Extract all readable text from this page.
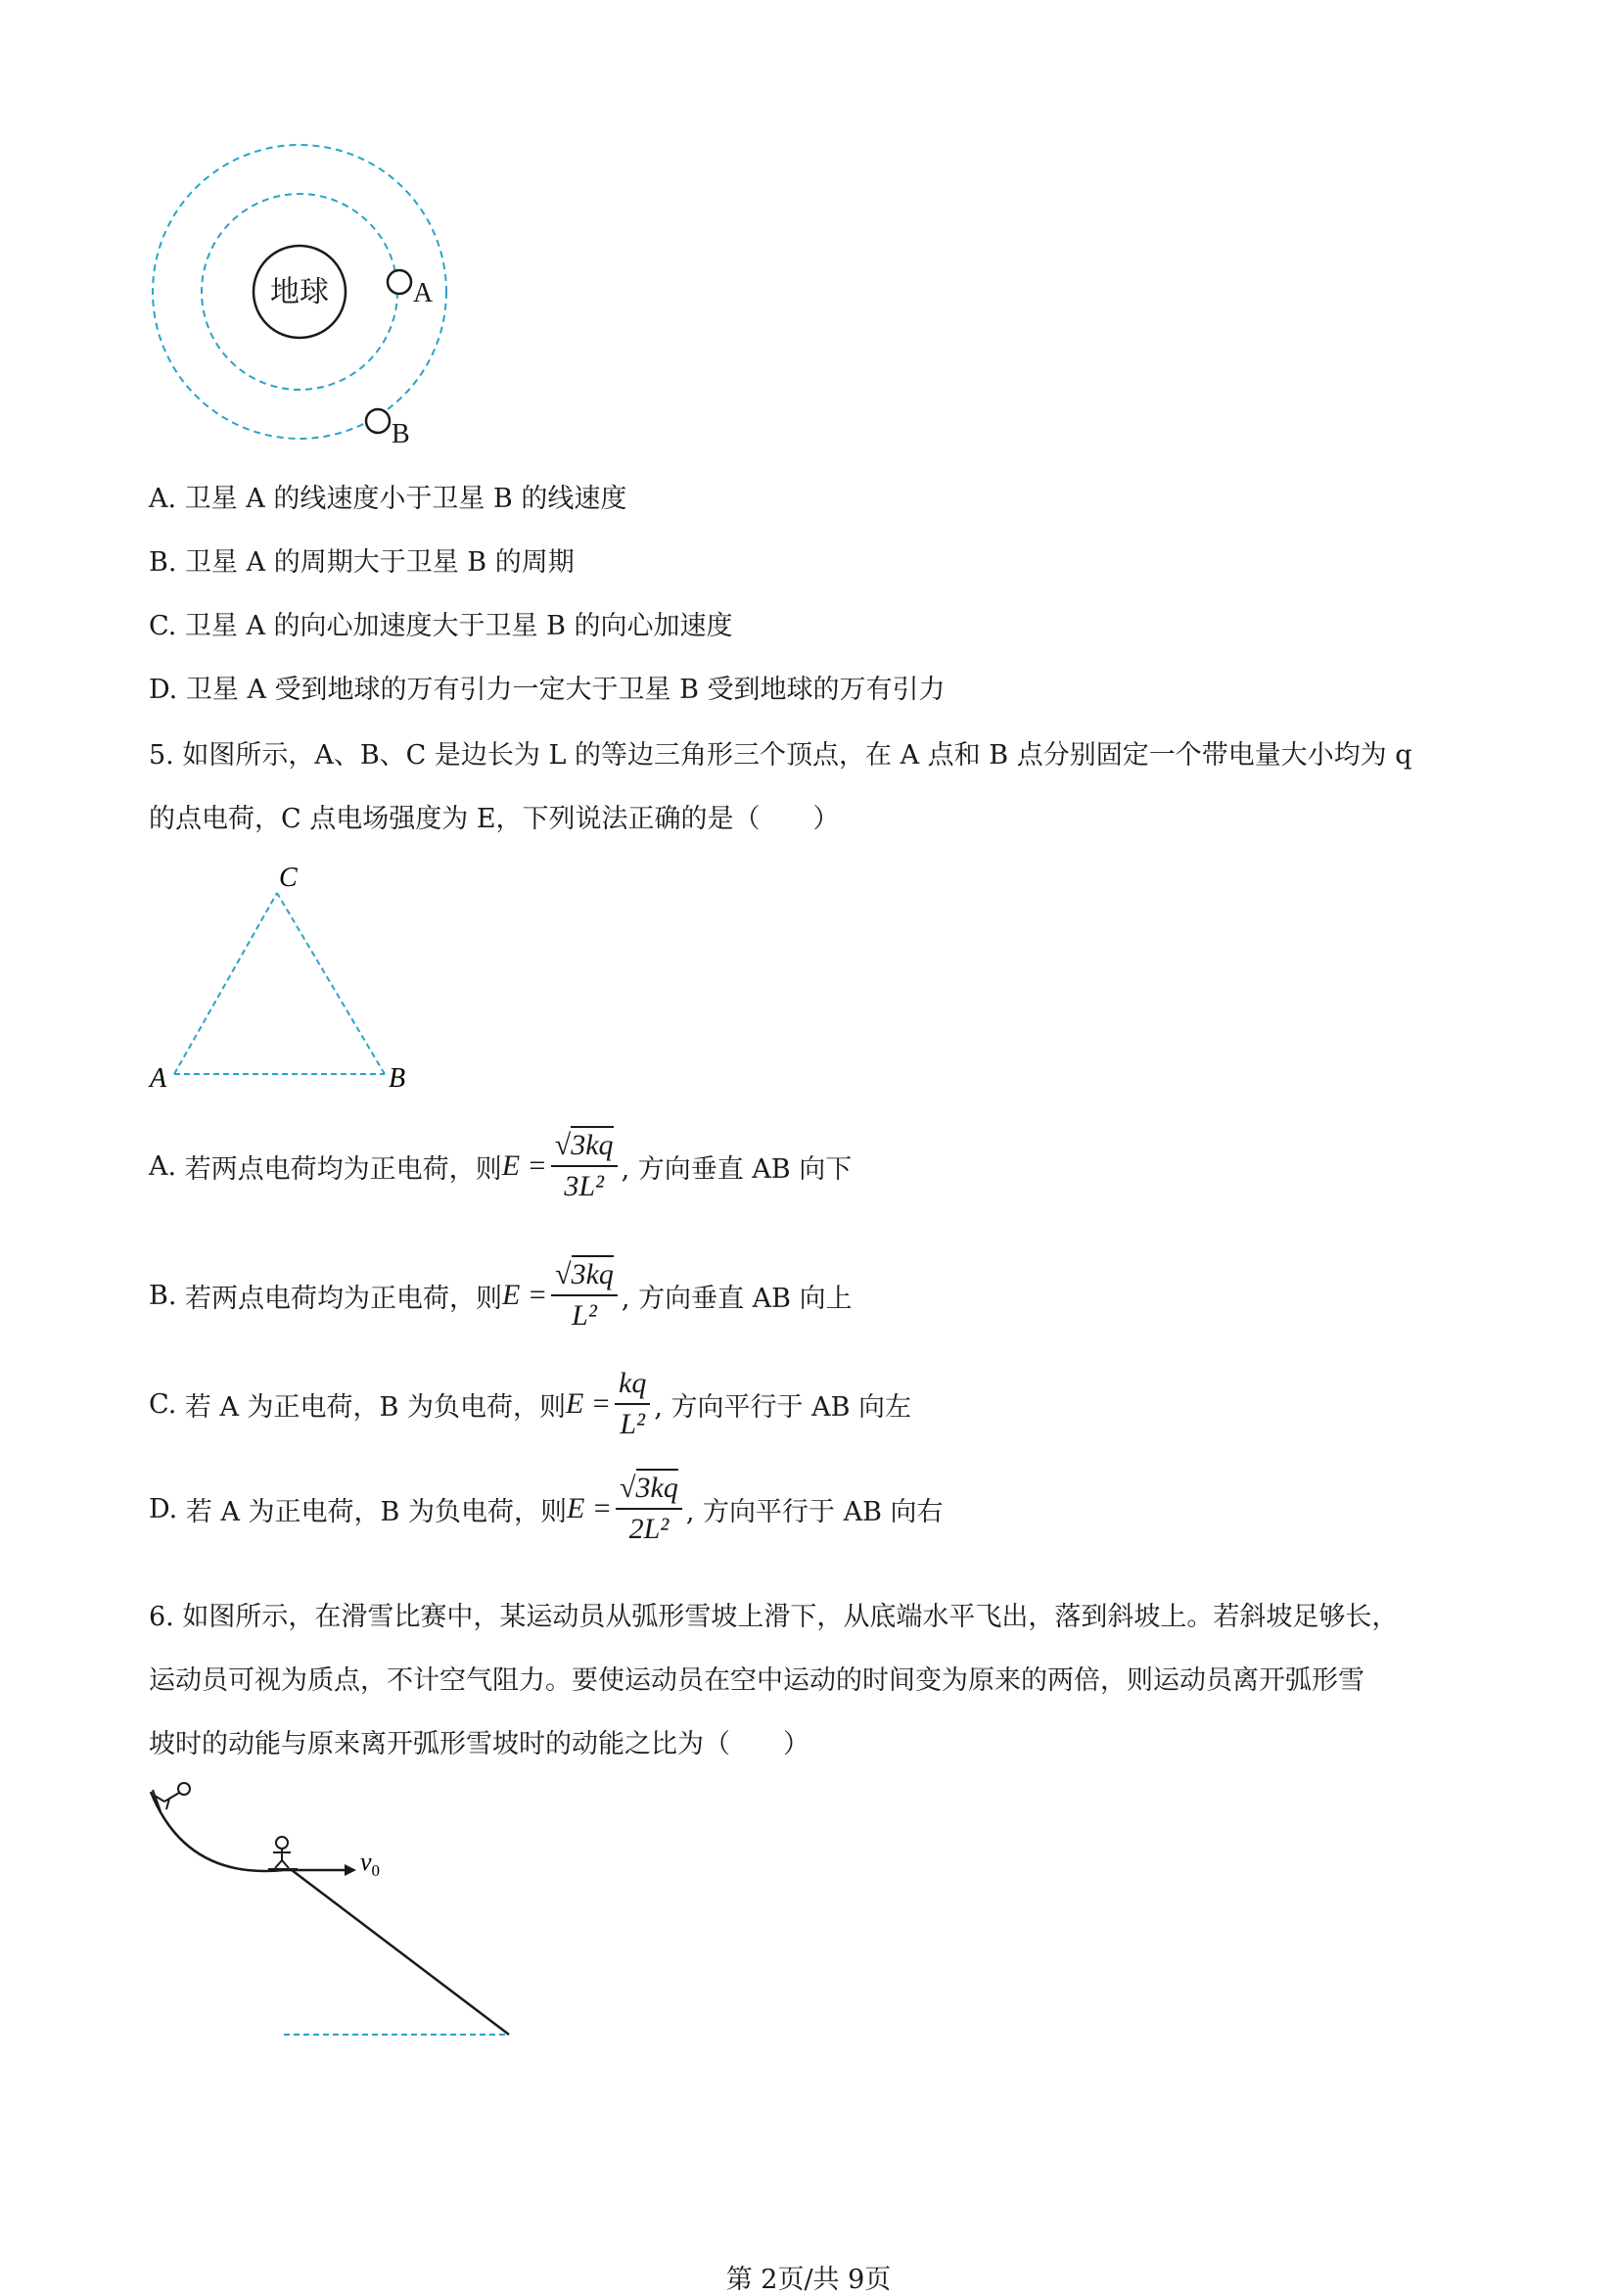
地球	A
B
A. 卫星 A 的线速度小于卫星 B 的线速度
B. 卫星 A 的周期大于卫星 B 的周期
C. 卫星 A 的向心加速度大于卫星 B 的向心加速度
D. 卫星 A 受到地球的万有引力一定大于卫星 B 受到地球的万有引力
5. 如图所示，A、B、C 是边长为 L 的等边三角形三个顶点，在 A 点和 B 点分别固定一个带电量大小均为 q
的点电荷，C 点电场强度为 E，下列说法正确的是（　　）
C
A	B
A.
若两点电荷均为正电荷，则 $E = \frac{√3kq}{\text{3L²}}$ , 方向垂直 AB 向下
B.
若两点电荷均为正电荷，则 $E = \frac{√3kq}{\text{L²}}$ , 方向垂直 AB 向上
C.
若 A 为正电荷，B 为负电荷，则 $E = \frac{kq}{\text{L²}}$ , 方向平行于 AB 向左
D.
若 A 为正电荷，B 为负电荷，则 $E = \frac{√3kq}{\text{2L²}}$ , 方向平行于 AB 向右
6. 如图所示，在滑雪比赛中，某运动员从弧形雪坡上滑下，从底端水平飞出，落到斜坡上。若斜坡足够长，
运动员可视为质点，不计空气阻力。要使运动员在空中运动的时间变为原来的两倍，则运动员离开弧形雪
坡时的动能与原来离开弧形雪坡时的动能之比为（　　）
$v_0$
第 2页/共 9页
